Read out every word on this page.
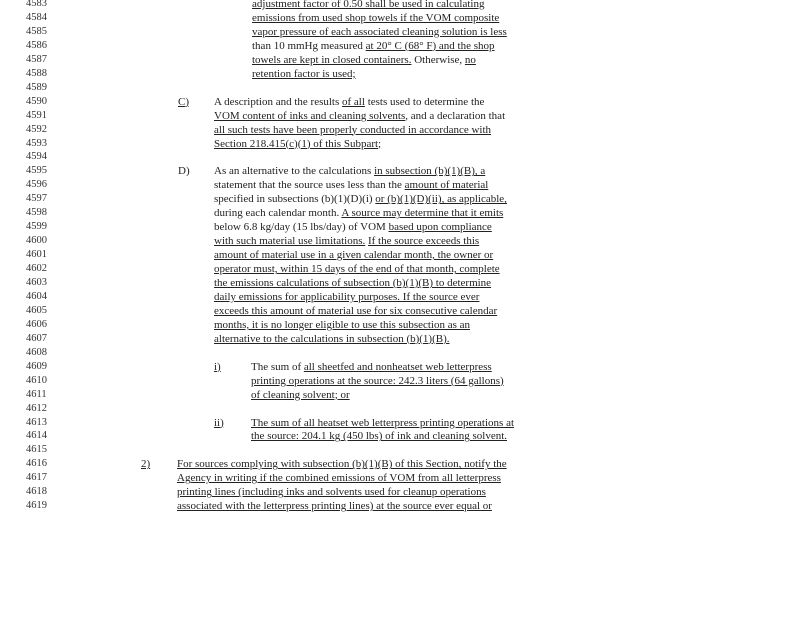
4583	adjustment factor of 0.50 shall be used in calculating
4584	emissions from used shop towels if the VOM composite
4585	vapor pressure of each associated cleaning solution is less
4586	than 10 mmHg measured at 20° C (68° F) and the shop
4587	towels are kept in closed containers. Otherwise, no
4588	retention factor is used;
4589
4590	C) A description and the results of all tests used to determine the
4591	VOM content of inks and cleaning solvents, and a declaration that
4592	all such tests have been properly conducted in accordance with
4593	Section 218.415(c)(1) of this Subpart;
4594
4595	D) As an alternative to the calculations in subsection (b)(1)(B), a
4596	statement that the source uses less than the amount of material
4597	specified in subsections (b)(1)(D)(i) or (b)(1)(D)(ii), as applicable,
4598	during each calendar month. A source may determine that it emits
4599	below 6.8 kg/day (15 lbs/day) of VOM based upon compliance
4600	with such material use limitations. If the source exceeds this
4601	amount of material use in a given calendar month, the owner or
4602	operator must, within 15 days of the end of that month, complete
4603	the emissions calculations of subsection (b)(1)(B) to determine
4604	daily emissions for applicability purposes. If the source ever
4605	exceeds this amount of material use for six consecutive calendar
4606	months, it is no longer eligible to use this subsection as an
4607	alternative to the calculations in subsection (b)(1)(B).
4608
4609	i)	The sum of all sheetfed and nonheatset web letterpress
4610	printing operations at the source: 242.3 liters (64 gallons)
4611	of cleaning solvent; or
4612
4613	ii) The sum of all heatset web letterpress printing operations at
4614	the source: 204.1 kg (450 lbs) of ink and cleaning solvent.
4615
4616	2) For sources complying with subsection (b)(1)(B) of this Section, notify the
4617	Agency in writing if the combined emissions of VOM from all letterpress
4618	printing lines (including inks and solvents used for cleanup operations
4619	associated with the letterpress printing lines) at the source ever equal or
